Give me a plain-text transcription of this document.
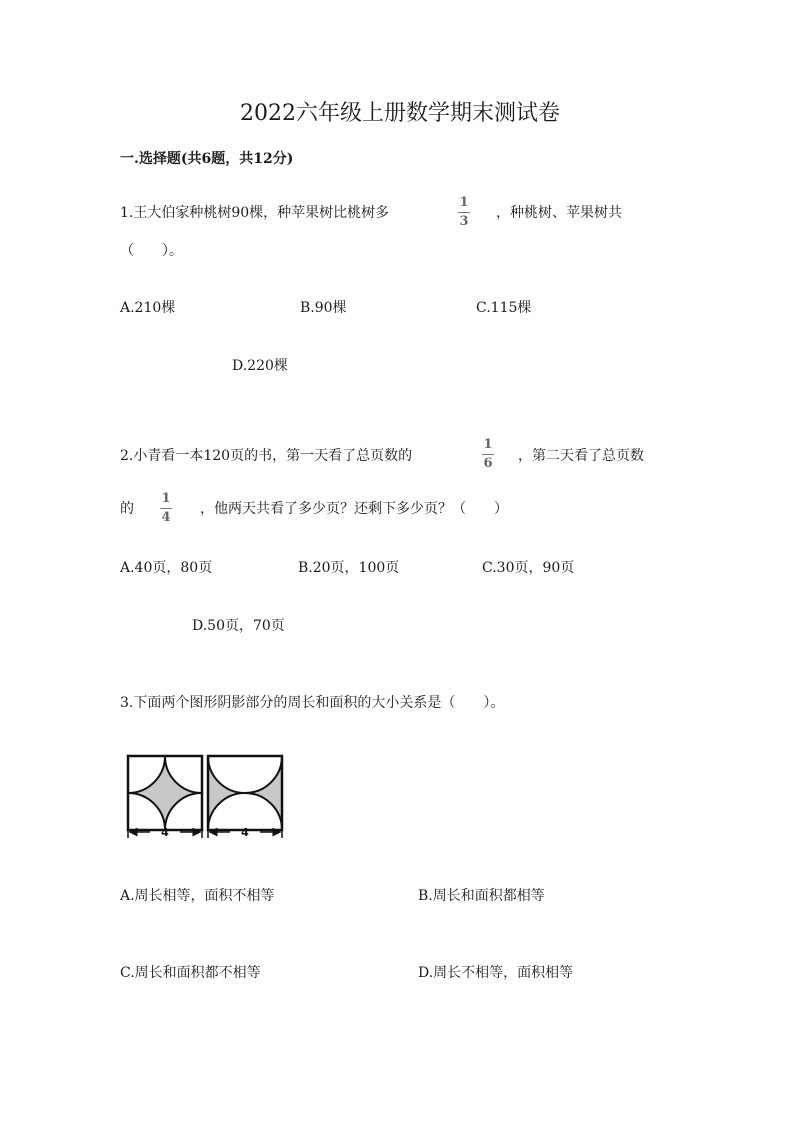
2022六年级上册数学期末测试卷
一.选择题(共6题，共12分)
1.王大伯家种桃树90棵，种苹果树比桃树多
1
3
，种桃树、苹果树共
（　　）。
A.210棵	B.90棵	C.115棵
D.220棵
2.小青看一本120页的书，第一天看了总页数的
1
6 ，第二天看了总页数
的
1
4
，他两天共看了多少页？还剩下多少页？（　　）
A.40页，80页	B.20页，100页	C.30页，90页
D.50页，70页
3.下面两个图形阴影部分的周长和面积的大小关系是（　　）。
4	4
A.周长相等，面积不相等	B.周长和面积都相等
C.周长和面积都不相等	D.周长不相等，面积相等
